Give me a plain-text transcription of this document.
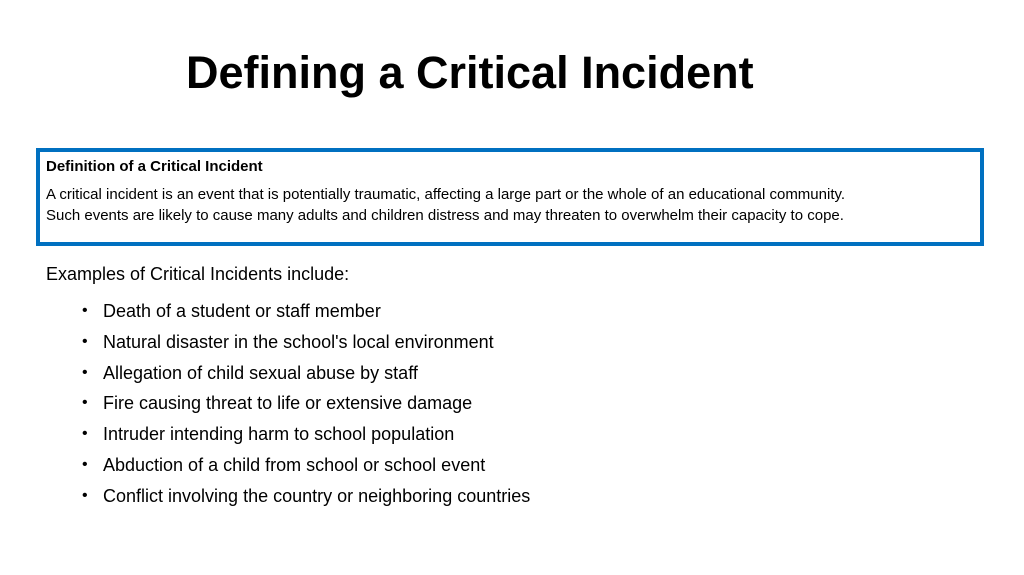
Defining a Critical Incident

Definition of a Critical Incident

A critical incident is an event that is potentially traumatic, affecting a large part or the whole of an educational community.
Such events are likely to cause many adults and children distress and may threaten to overwhelm their capacity to cope.

Examples of Critical Incidents include:

• Death of a student or staff member
• Natural disaster in the school's local environment
• Allegation of child sexual abuse by staff
• Fire causing threat to life or extensive damage
• Intruder intending harm to school population
• Abduction of a child from school or school event
• Conflict involving the country or neighboring countries
